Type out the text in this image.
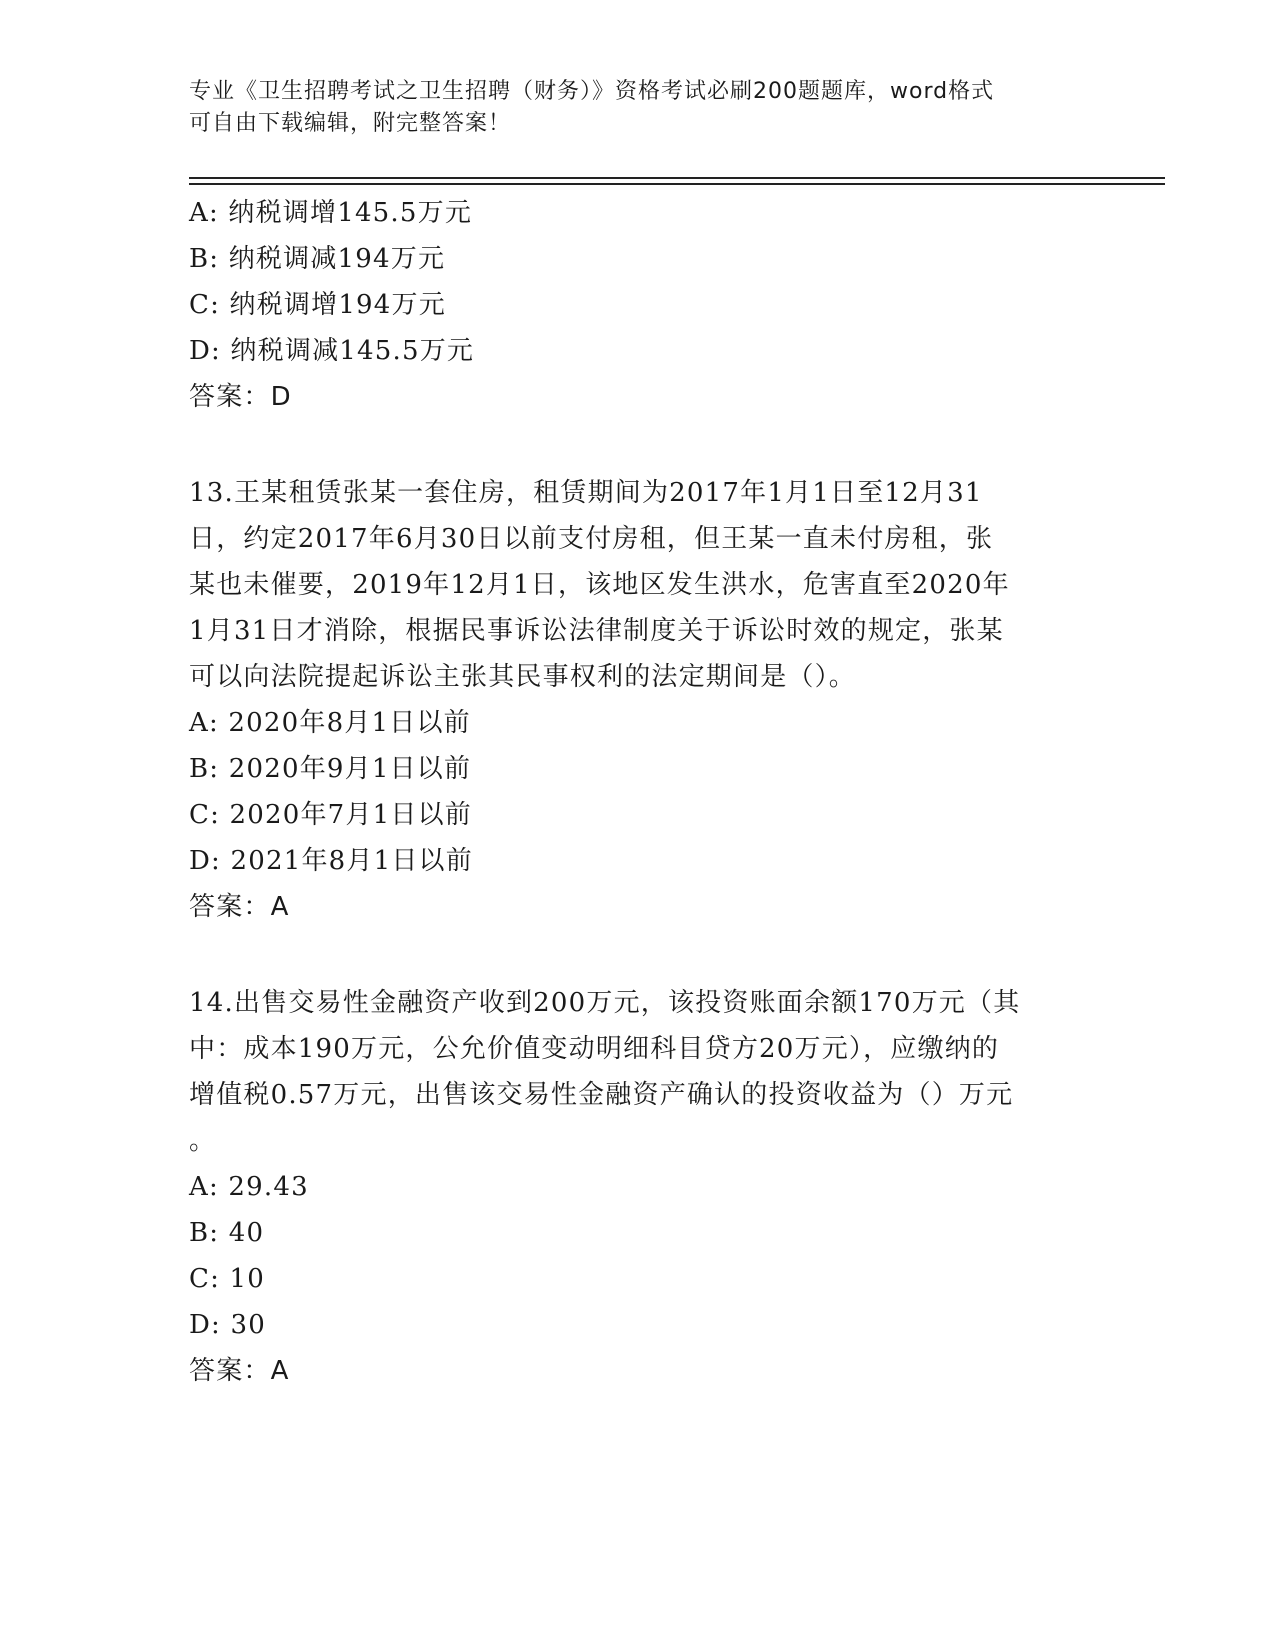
专业《卫生招聘考试之卫生招聘（财务）》资格考试必刷200题题库，word格式
可自由下载编辑，附完整答案！
A: 纳税调增145.5万元
B: 纳税调减194万元
C: 纳税调增194万元
D: 纳税调减145.5万元
答案：D
13.王某租赁张某一套住房，租赁期间为2017年1月1日至12月31
日，约定2017年6月30日以前支付房租，但王某一直未付房租，张
某也未催要，2019年12月1日，该地区发生洪水，危害直至2020年
1月31日才消除，根据民事诉讼法律制度关于诉讼时效的规定，张某
可以向法院提起诉讼主张其民事权利的法定期间是（）。
A: 2020年8月1日以前
B: 2020年9月1日以前
C: 2020年7月1日以前
D: 2021年8月1日以前
答案：A
14.出售交易性金融资产收到200万元，该投资账面余额170万元（其
中：成本190万元，公允价值变动明细科目贷方20万元），应缴纳的
增值税0.57万元，出售该交易性金融资产确认的投资收益为（）万元
。
A: 29.43
B: 40
C: 10
D: 30
答案：A
